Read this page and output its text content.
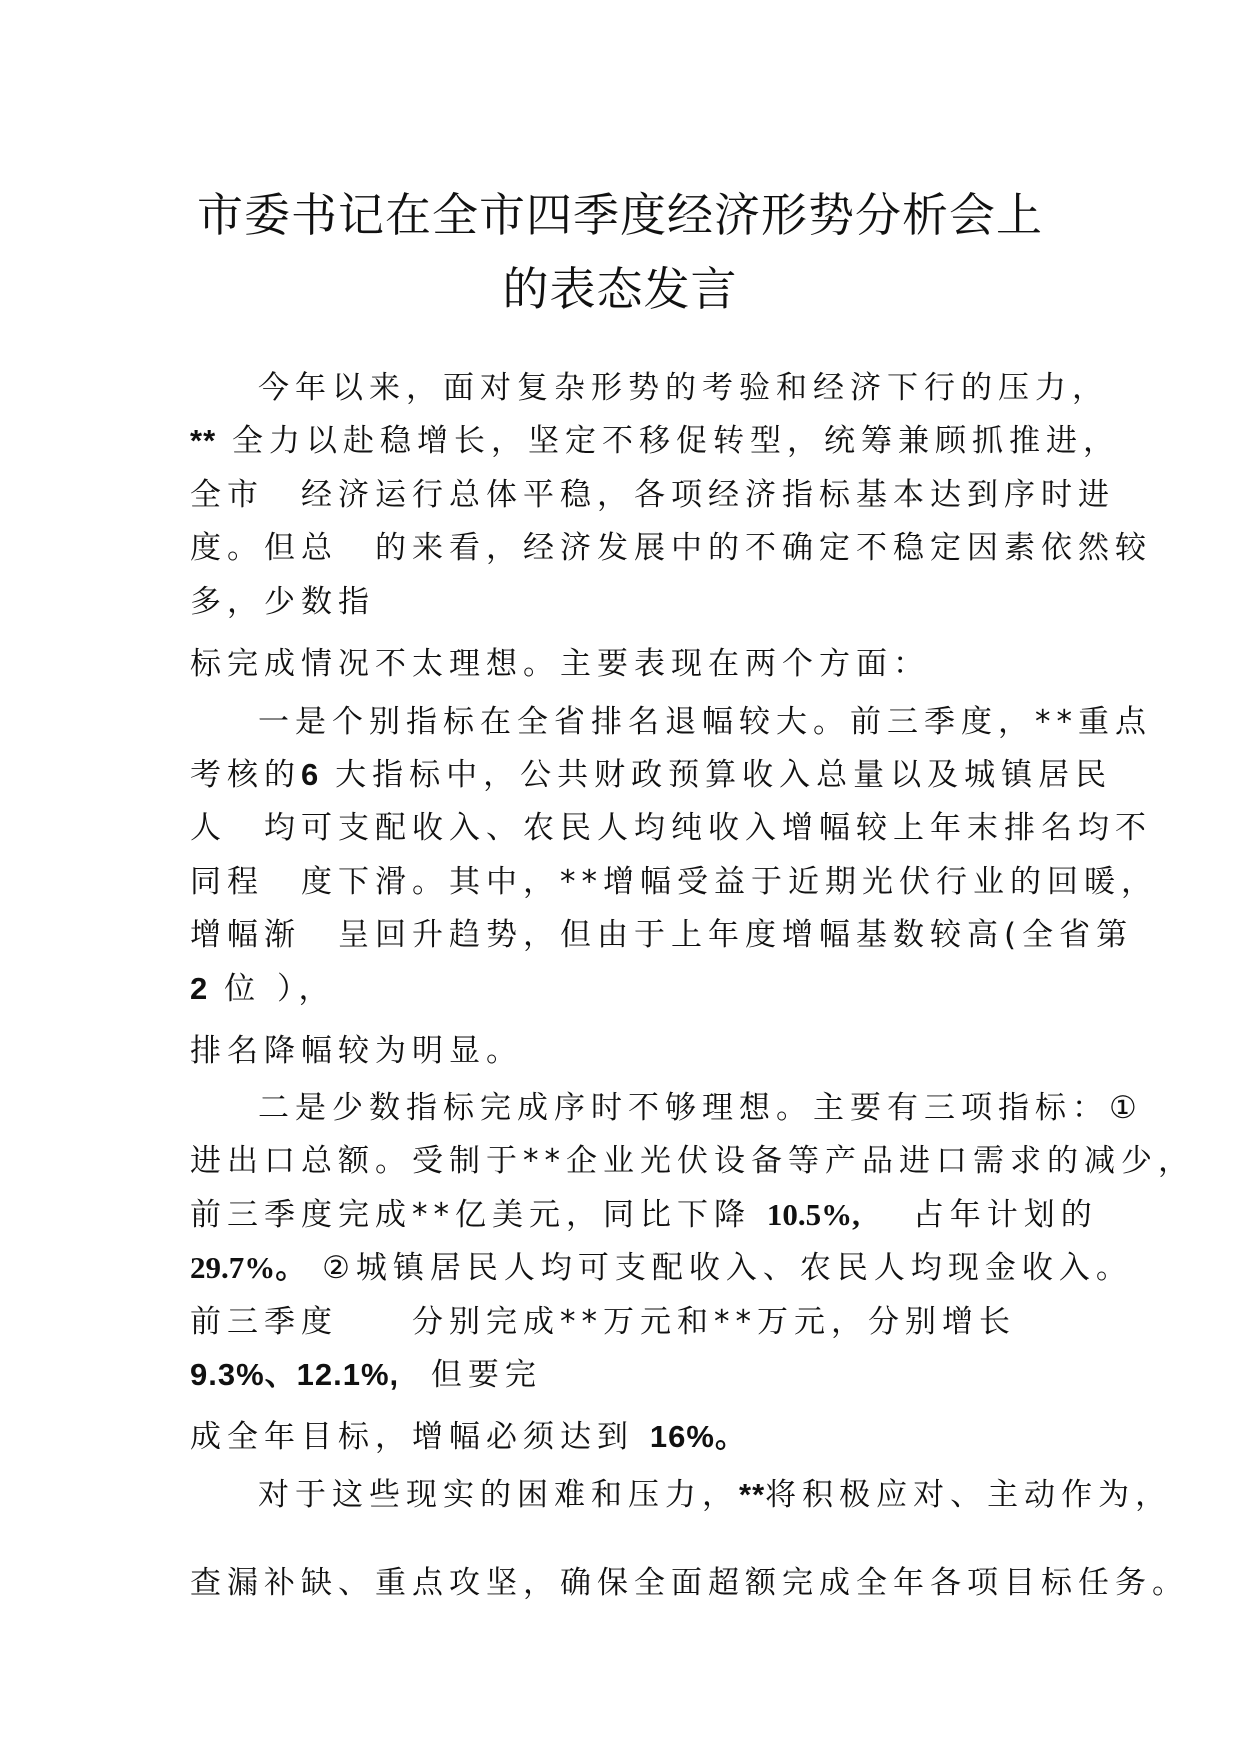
市委书记在全市四季度经济形势分析会上
的表态发言
今年以来，面对复杂形势的考验和经济下行的压力，
** 全力以赴稳增长，坚定不移促转型，统筹兼顾抓推进，
全市　经济运行总体平稳，各项经济指标基本达到序时进
度。但总　的来看，经济发展中的不确定不稳定因素依然较
多，少数指
标完成情况不太理想。主要表现在两个方面：
一是个别指标在全省排名退幅较大。前三季度，**重点
考核的6 大指标中，公共财政预算收入总量以及城镇居民
人　均可支配收入、农民人均纯收入增幅较上年末排名均不
同程　度下滑。其中，**增幅受益于近期光伏行业的回暖，
增幅渐　呈回升趋势，但由于上年度增幅基数较高(全省第
2 位 ），
排名降幅较为明显。
二是少数指标完成序时不够理想。主要有三项指标：①
进出口总额。受制于**企业光伏设备等产品进口需求的减少，
前三季度完成**亿美元，同比下降 10.5%,　 占年计划的
29.7%。 ②城镇居民人均可支配收入、农民人均现金收入。
前三季度　　分别完成**万元和**万元，分别增长
9.3%、12.1%, 但要完
成全年目标，增幅必须达到 16%。
对于这些现实的困难和压力，**将积极应对、主动作为，
查漏补缺、重点攻坚，确保全面超额完成全年各项目标任务。
